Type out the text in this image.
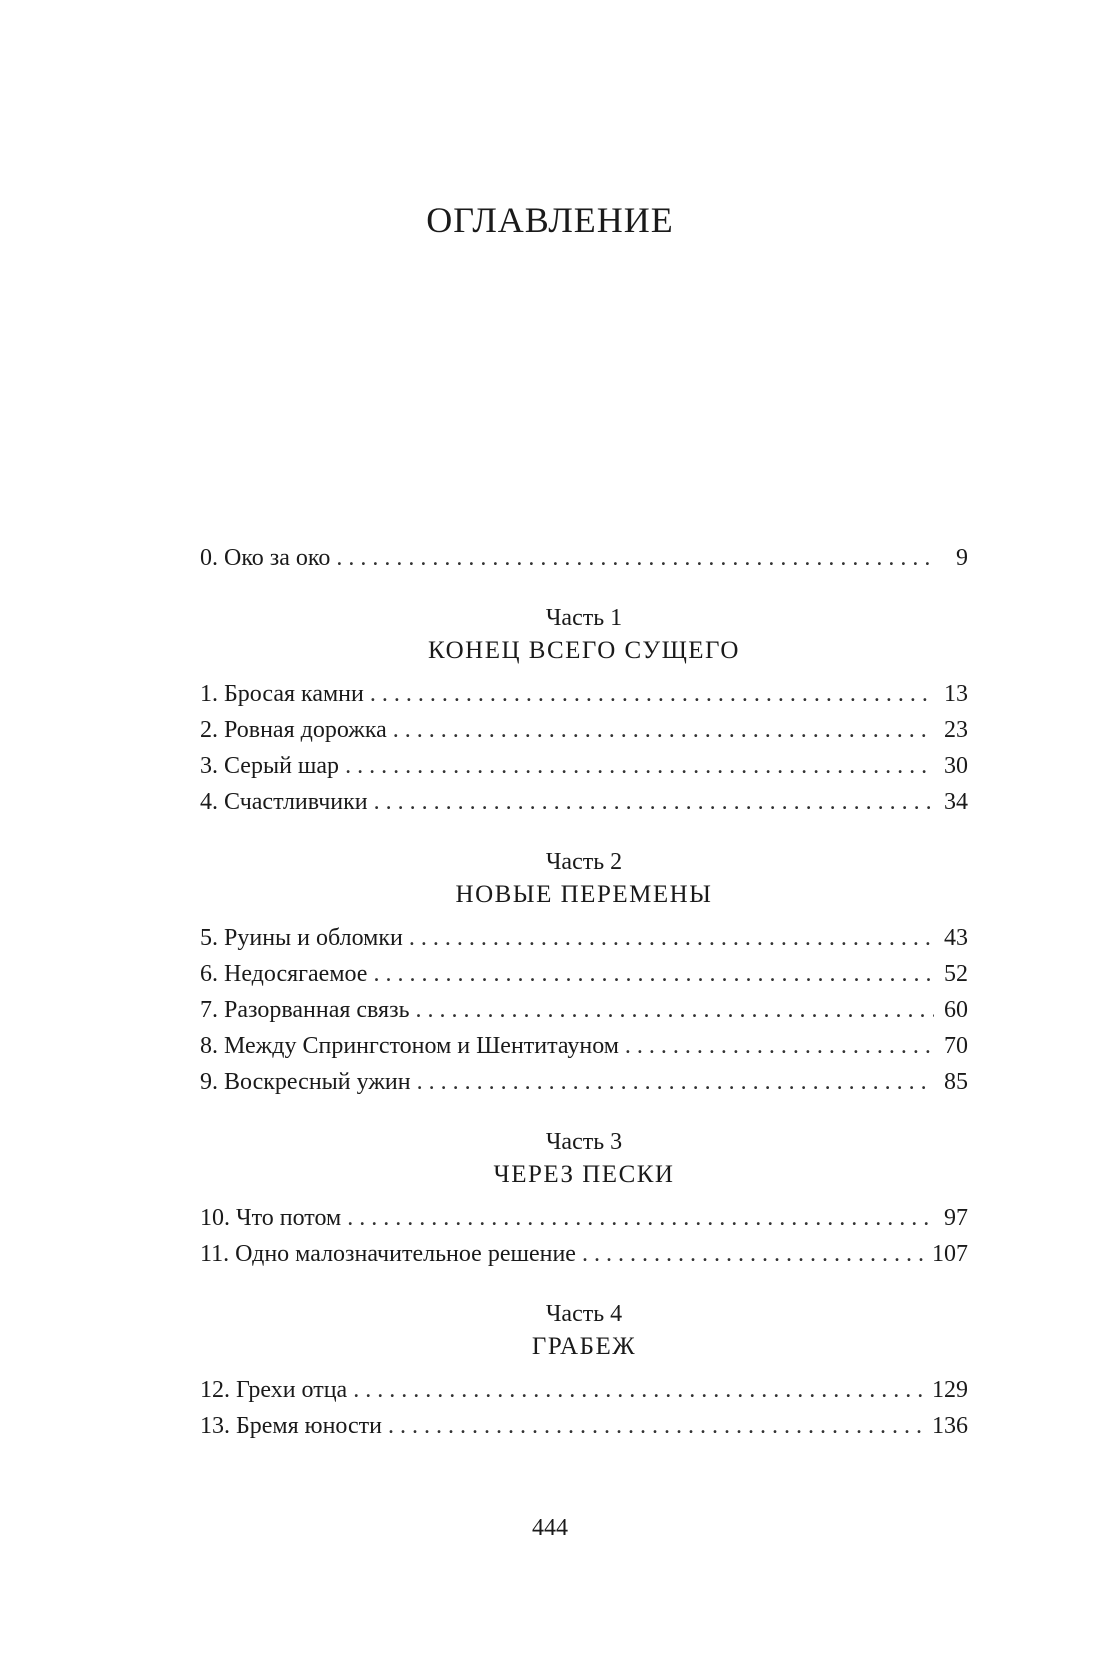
ОГЛАВЛЕНИЕ
0. Око за око . . .	9
Часть 1
КОНЕЦ ВСЕГО СУЩЕГО
1. Бросая камни . . .	13
2. Ровная дорожка . . .	23
3. Серый шар . . .	30
4. Счастливчики . . .	34
Часть 2
НОВЫЕ ПЕРЕМЕНЫ
5. Руины и обломки . . .	43
6. Недосягаемое . . .	52
7. Разорванная связь . . .	60
8. Между Спрингстоном и Шентитауном . . .	70
9. Воскресный ужин . . .	85
Часть 3
ЧЕРЕЗ ПЕСКИ
10. Что потом . . .	97
11. Одно малозначительное решение . . .	107
Часть 4
ГРАБЕЖ
12. Грехи отца . . .	129
13. Бремя юности . . .	136
444
